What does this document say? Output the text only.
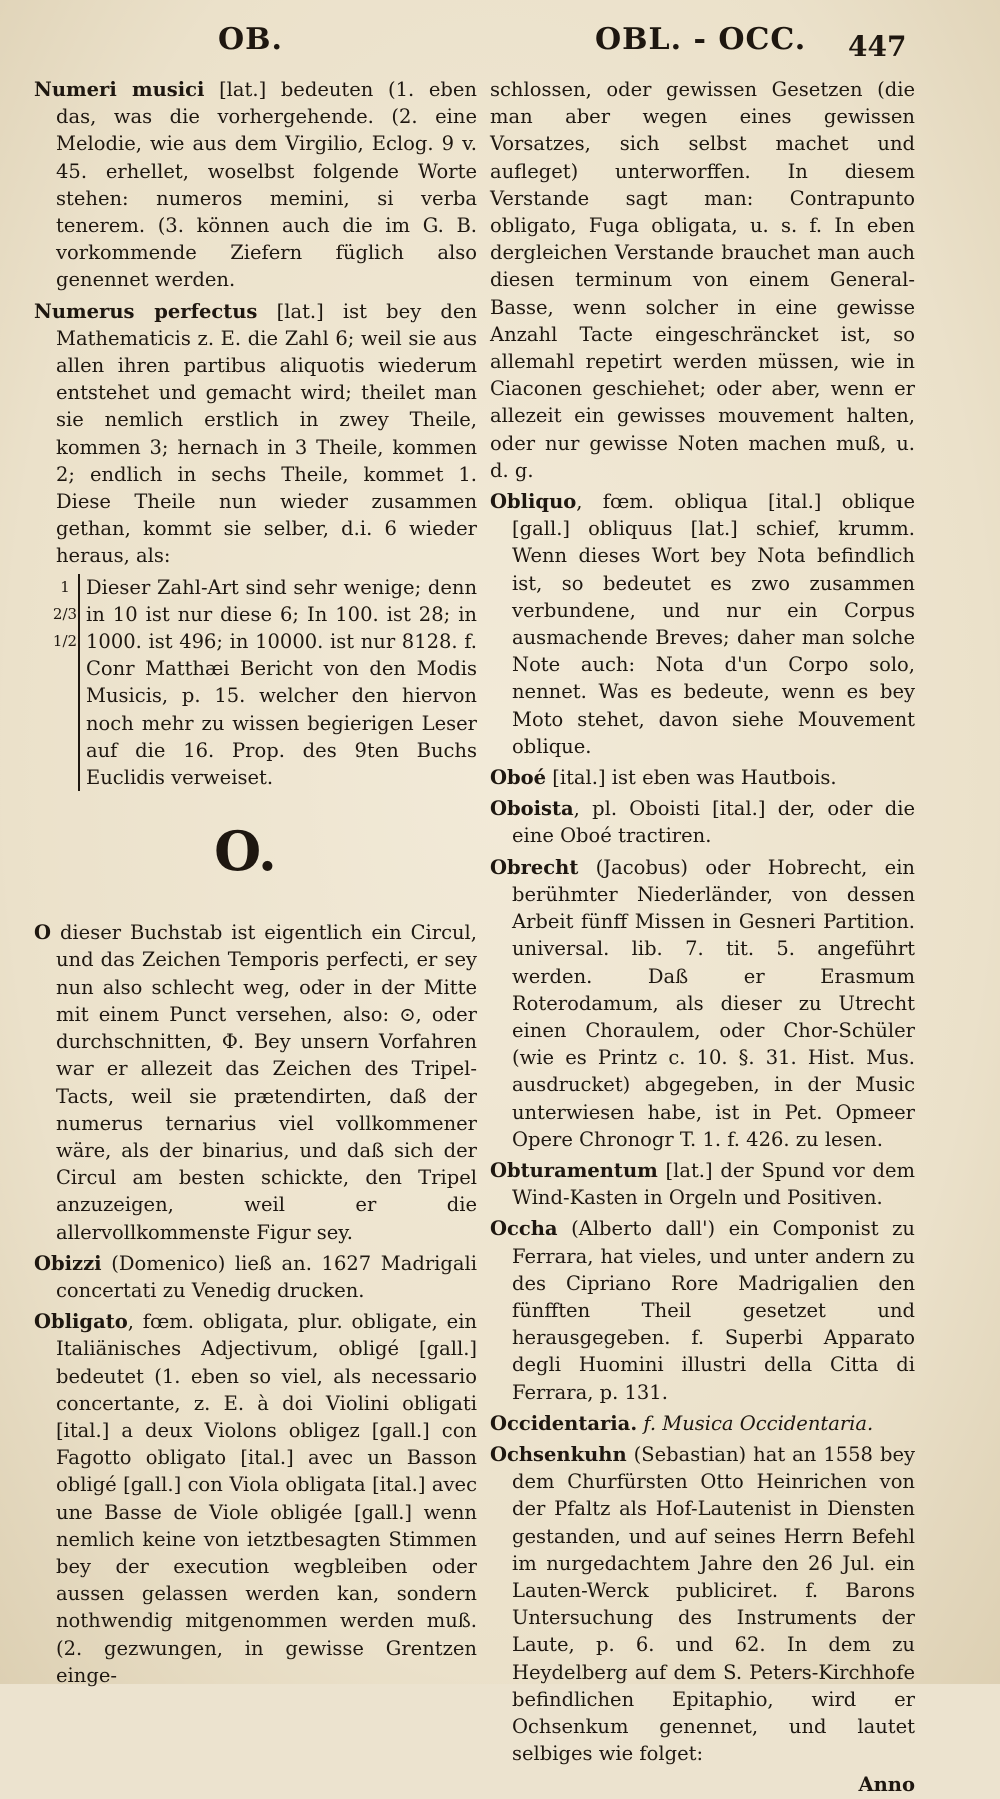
OB.	OBL. - OCC. 447

Numeri musici [lat.] bedeuten (1. eben das, was die vorhergehende. (2. eine Melodie, wie aus dem Virgilio, Eclog. 9 v. 45. erhellet, woselbst folgende Worte stehen: numeros memini, si verba tenerem. (3. können auch die im G. B. vorkommende Ziefern füglich also genennet werden.

Numerus perfectus [lat.] ist bey den Mathematicis z. E. die Zahl 6; weil sie aus allen ihren partibus aliquotis wiederum entstehet und gemacht wird; theilet man sie nemlich erstlich in zwey Theile, kommen 3; hernach in 3 Theile, kommen 2; endlich in sechs Theile, kommet 1. Diese Theile nun wieder zusammen gethan, kommt sie selber, d.i. 6 wieder heraus, als:

1
2/3
1/2
Dieser Zahl-Art sind sehr wenige; denn in 10 ist nur diese 6; In 100. ist 28; in 1000. ist 496; in 10000. ist nur 8128. f. Conr Matthæi Bericht von den Modis Musicis, p. 15. welcher den hiervon noch mehr zu wissen begierigen Leser auf die 16. Prop. des 9ten Buchs Euclidis verweiset.
O.

O dieser Buchstab ist eigentlich ein Circul, und das Zeichen Temporis perfecti, er sey nun also schlecht weg, oder in der Mitte mit einem Punct versehen, also: ⊙, oder durchschnitten, Φ. Bey unsern Vorfahren war er allezeit das Zeichen des Tripel-Tacts, weil sie prætendirten, daß der numerus ternarius viel vollkommener wäre, als der binarius, und daß sich der Circul am besten schickte, den Tripel anzuzeigen, weil er die allervollkommenste Figur sey.

Obizzi (Domenico) ließ an. 1627 Madrigali concertati zu Venedig drucken.

Obligato, fœm. obligata, plur. obligate, ein Italiänisches Adjectivum, obligé [gall.] bedeutet (1. eben so viel, als necessario concertante, z. E. à doi Violini obligati [ital.] a deux Violons obligez [gall.] con Fagotto obligato [ital.] avec un Basson obligé [gall.] con Viola obligata [ital.] avec une Basse de Viole obligée [gall.] wenn nemlich keine von ietztbesagten Stimmen bey der execution wegbleiben oder aussen gelassen werden kan, sondern nothwendig mitgenommen werden muß. (2. gezwungen, in gewisse Grentzen einge-

schlossen, oder gewissen Gesetzen (die man aber wegen eines gewissen Vorsatzes, sich selbst machet und aufleget) unterworffen. In diesem Verstande sagt man: Contrapunto obligato, Fuga obligata, u. s. f. In eben dergleichen Verstande brauchet man auch diesen terminum von einem General-Basse, wenn solcher in eine gewisse Anzahl Tacte eingeschräncket ist, so allemahl repetirt werden müssen, wie in Ciaconen geschiehet; oder aber, wenn er allezeit ein gewisses mouvement halten, oder nur gewisse Noten machen muß, u. d. g.

Obliquo, fœm. obliqua [ital.] oblique [gall.] obliquus [lat.] schief, krumm. Wenn dieses Wort bey Nota befindlich ist, so bedeutet es zwo zusammen verbundene, und nur ein Corpus ausmachende Breves; daher man solche Note auch: Nota d'un Corpo solo, nennet. Was es bedeute, wenn es bey Moto stehet, davon siehe Mouvement oblique.

Oboé [ital.] ist eben was Hautbois.

Oboista, pl. Oboisti [ital.] der, oder die eine Oboé tractiren.

Obrecht (Jacobus) oder Hobrecht, ein berühmter Niederländer, von dessen Arbeit fünff Missen in Gesneri Partition. universal. lib. 7. tit. 5. angeführt werden. Daß er Erasmum Roterodamum, als dieser zu Utrecht einen Choraulem, oder Chor-Schüler (wie es Printz c. 10. §. 31. Hist. Mus. ausdrucket) abgegeben, in der Music unterwiesen habe, ist in Pet. Opmeer Opere Chronogr T. 1. f. 426. zu lesen.

Obturamentum [lat.] der Spund vor dem Wind-Kasten in Orgeln und Positiven.

Occha (Alberto dall') ein Componist zu Ferrara, hat vieles, und unter andern zu des Cipriano Rore Madrigalien den fünfften Theil gesetzet und herausgegeben. f. Superbi Apparato degli Huomini illustri della Citta di Ferrara, p. 131.

Occidentaria. f. Musica Occidentaria.

Ochsenkuhn (Sebastian) hat an 1558 bey dem Churfürsten Otto Heinrichen von der Pfaltz als Hof-Lautenist in Diensten gestanden, und auf seines Herrn Befehl im nurgedachtem Jahre den 26 Jul. ein Lauten-Werck publiciret. f. Barons Untersuchung des Instruments der Laute, p. 6. und 62. In dem zu Heydelberg auf dem S. Peters-Kirchhofe befindlichen Epitaphio, wird er Ochsenkum genennet, und lautet selbiges wie folget:

Anno
